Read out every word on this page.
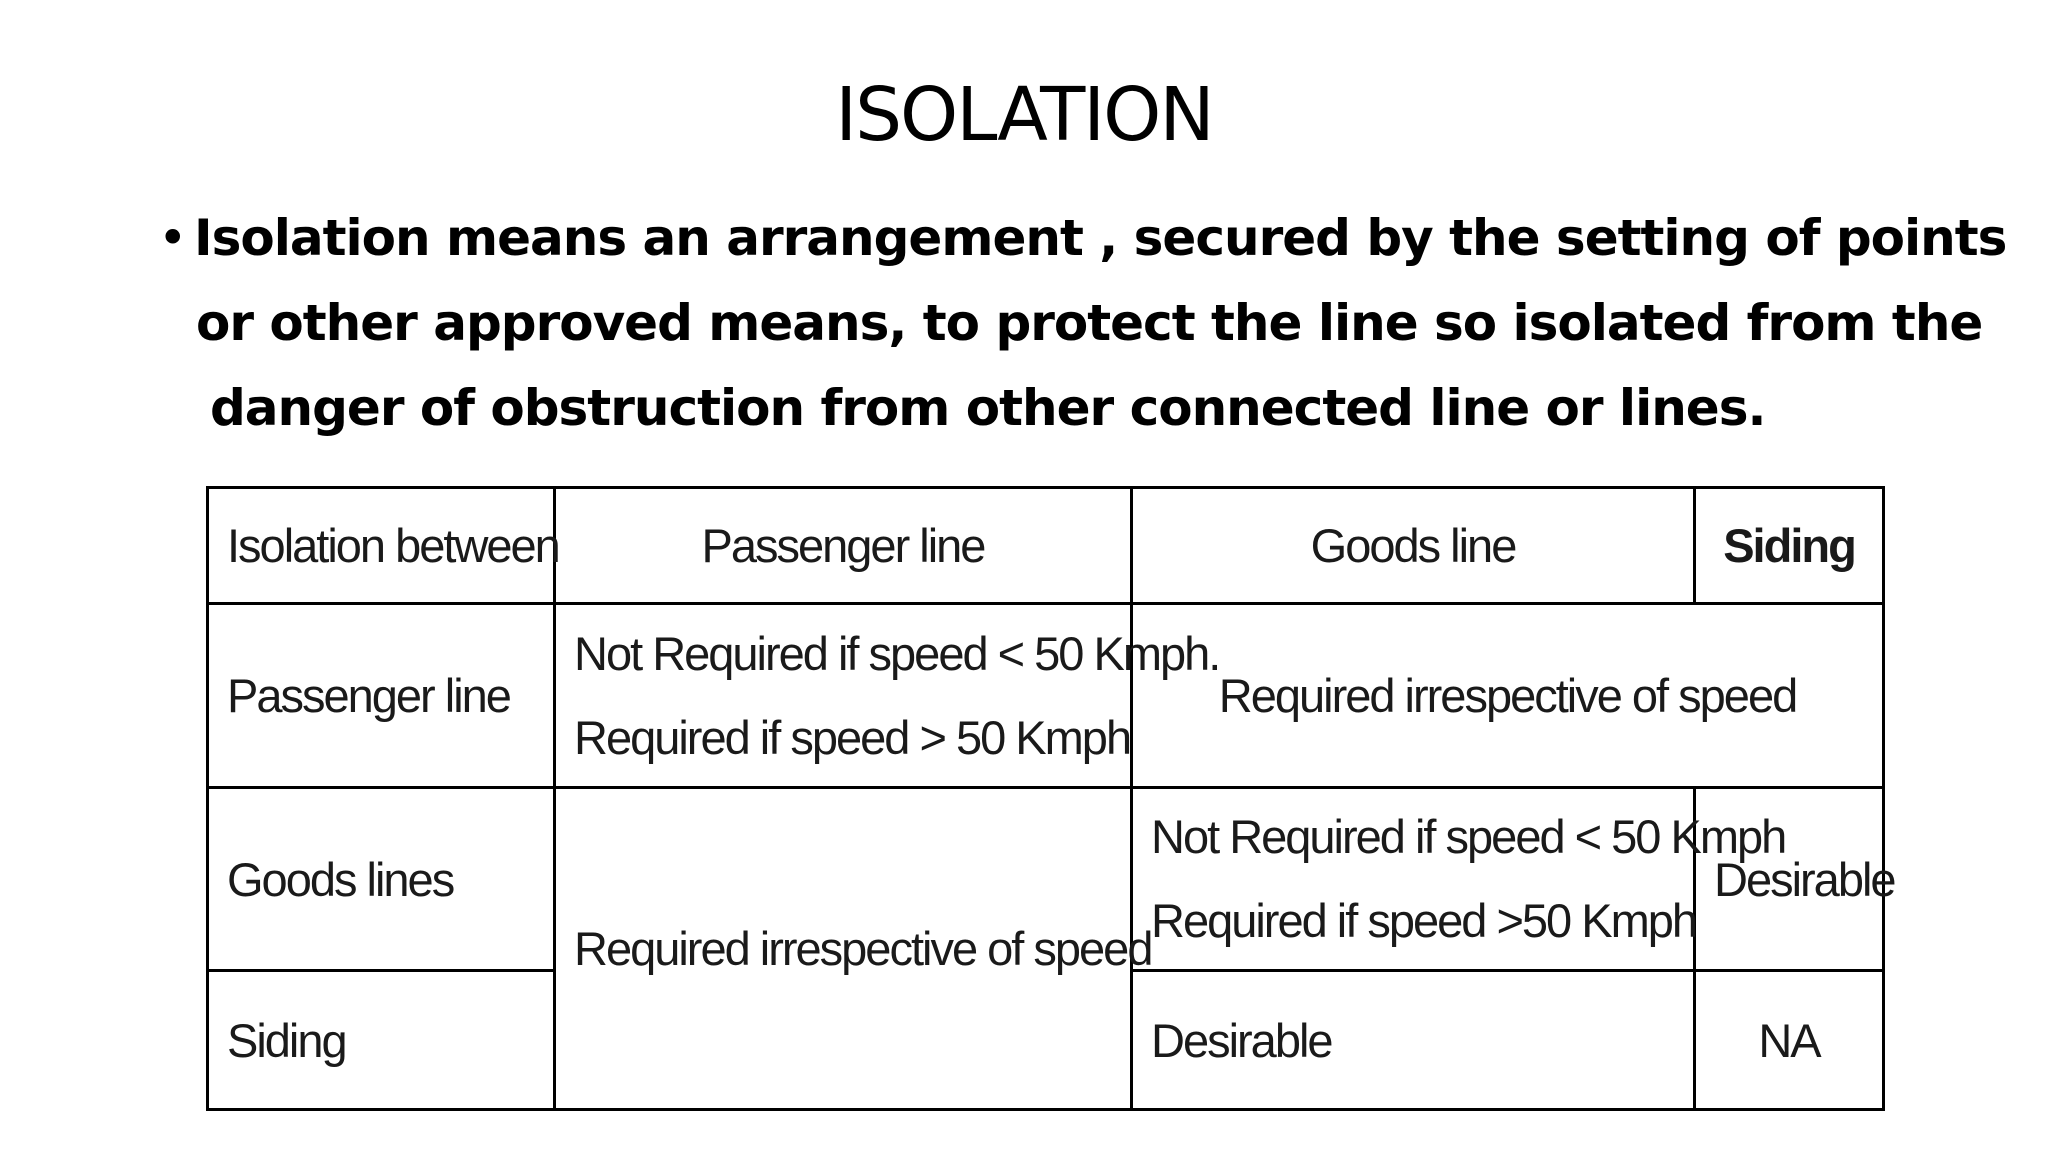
ISOLATION
• Isolation means an arrangement , secured by the setting of points
or other approved means, to protect the line so isolated from the
danger of obstruction from other connected line or lines.
Isolation between	Passenger line	Goods line	Siding
Passenger line	Not Required if speed < 50 Kmph.
Required if speed > 50 Kmph	Required irrespective of speed	
Goods lines	Required irrespective of speed	Not Required if speed < 50 Kmph
Required if speed >50 Kmph	Desirable
Siding		Desirable	NA
